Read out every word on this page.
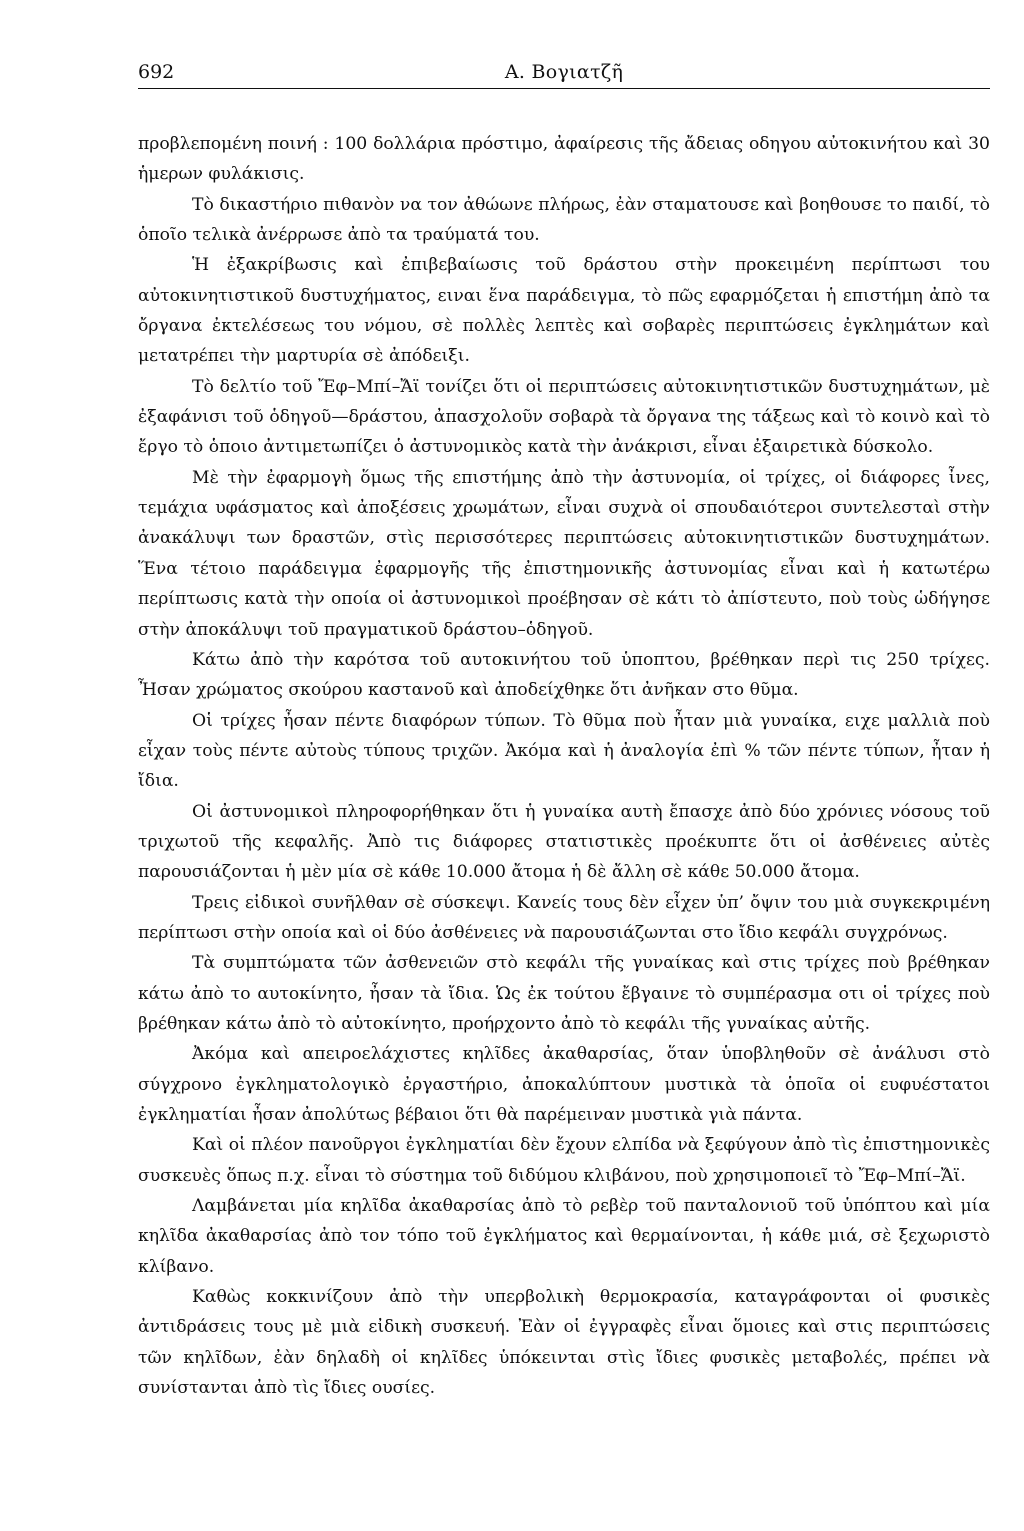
692	Α. Βογιατζῆ

προβλεπομένη ποινή : 100 δολλάρια πρόστιμο, ἀφαίρεσις τῆς ἄδειας οδηγου αὐτοκινήτου καὶ 30 ἡμερων φυλάκισις.

Τὸ δικαστήριο πιθανὸν να τον ἀθώωνε πλήρως, ἐὰν σταματουσε καὶ βοηθουσε το παιδί, τὸ ὁποῖο τελικὰ ἀνέρρωσε ἀπὸ τα τραύματά του.

Ἡ ἐξακρίβωσις καὶ ἐπιβεβαίωσις τοῦ δράστου στὴν προκειμένη περίπτωσι του αὐτοκινητιστικοῦ δυστυχήματος, ειναι ἕνα παράδειγμα, τὸ πῶς εφαρμόζεται ἡ επιστήμη ἀπὸ τα ὄργανα ἐκτελέσεως του νόμου, σὲ πολλὲς λεπτὲς καὶ σοβαρὲς περιπτώσεις ἐγκλημάτων καὶ μετατρέπει τὴν μαρτυρία σὲ ἀπόδειξι.

Τὸ δελτίο τοῦ Ἔφ–Μπί–Ἄϊ τονίζει ὅτι οἱ περιπτώσεις αὐτοκινητιστικῶν δυστυχημάτων, μὲ ἐξαφάνισι τοῦ ὁδηγοῦ—δράστου, ἀπασχολοῦν σοβαρὰ τὰ ὄργανα της τάξεως καὶ τὸ κοινὸ καὶ τὸ ἔργο τὸ ὁποιο ἀντιμετωπίζει ὁ ἀστυνομικὸς κατὰ τὴν ἀνάκρισι, εἶναι ἐξαιρετικὰ δύσκολο.

Μὲ τὴν ἐφαρμογὴ ὅμως τῆς επιστήμης ἀπὸ τὴν ἀστυνομία, οἱ τρίχες, οἱ διάφορες ἶνες, τεμάχια υφάσματος καὶ ἀποξέσεις χρωμάτων, εἶναι συχνὰ οἱ σπουδαιότεροι συντελεσταὶ στὴν ἀνακάλυψι των δραστῶν, στὶς περισσότερες περιπτώσεις αὐτοκινητιστικῶν δυστυχημάτων. Ἕνα τέτοιο παράδειγμα ἐφαρμογῆς τῆς ἐπιστημονικῆς ἀστυνομίας εἶναι καὶ ἡ κατωτέρω περίπτωσις κατὰ τὴν οποία οἱ ἀστυνομικοὶ προέβησαν σὲ κάτι τὸ ἀπίστευτο, ποὺ τοὺς ὡδήγησε στὴν ἀποκάλυψι τοῦ πραγματικοῦ δράστου–ὁδηγοῦ.

Κάτω ἀπὸ τὴν καρότσα τοῦ αυτοκινήτου τοῦ ὑποπτου, βρέθηκαν περὶ τις 250 τρίχες. Ἦσαν χρώματος σκούρου καστανοῦ καὶ ἀποδείχθηκε ὅτι ἀνῆκαν στο θῦμα.

Οἱ τρίχες ἦσαν πέντε διαφόρων τύπων. Τὸ θῦμα ποὺ ἦταν μιὰ γυναίκα, ειχε μαλλιὰ ποὺ εἶχαν τοὺς πέντε αὐτοὺς τύπους τριχῶν. Ἀκόμα καὶ ἡ ἀναλογία ἐπὶ % τῶν πέντε τύπων, ἦταν ἡ ἴδια.

Οἱ ἀστυνομικοὶ πληροφορήθηκαν ὅτι ἡ γυναίκα αυτὴ ἔπασχε ἀπὸ δύο χρόνιες νόσους τοῦ τριχωτοῦ τῆς κεφαλῆς. Ἀπὸ τις διάφορες στατιστικὲς προέκυπτε ὅτι οἱ ἀσθένειες αὐτὲς παρουσιάζονται ἡ μὲν μία σὲ κάθε 10.000 ἄτομα ἡ δὲ ἄλλη σὲ κάθε 50.000 ἄτομα.

Τρεις εἰδικοὶ συνῆλθαν σὲ σύσκεψι. Κανείς τους δὲν εἶχεν ὑπ’ ὄψιν του μιὰ συγκεκριμένη περίπτωσι στὴν οποία καὶ οἱ δύο ἀσθένειες νὰ παρουσιάζωνται στο ἴδιο κεφάλι συγχρόνως.

Τὰ συμπτώματα τῶν ἀσθενειῶν στὸ κεφάλι τῆς γυναίκας καὶ στις τρίχες ποὺ βρέθηκαν κάτω ἀπὸ το αυτοκίνητο, ἦσαν τὰ ἴδια. Ὡς ἐκ τούτου ἔβγαινε τὸ συμπέρασμα οτι οἱ τρίχες ποὺ βρέθηκαν κάτω ἀπὸ τὸ αὐτοκίνητο, προήρχοντο ἀπὸ τὸ κεφάλι τῆς γυναίκας αὐτῆς.

Ἀκόμα καὶ απειροελάχιστες κηλῖδες ἀκαθαρσίας, ὅταν ὑποβληθοῦν σὲ ἀνάλυσι στὸ σύγχρονο ἐγκληματολογικὸ ἐργαστήριο, ἀποκαλύπτουν μυστικὰ τὰ ὁποῖα οἱ ευφυέστατοι ἐγκληματίαι ἦσαν ἀπολύτως βέβαιοι ὅτι θὰ παρέμειναν μυστικὰ γιὰ πάντα.

Καὶ οἱ πλέον πανοῦργοι ἐγκληματίαι δὲν ἔχουν ελπίδα νὰ ξεφύγουν ἀπὸ τὶς ἐπιστημονικὲς συσκευὲς ὅπως π.χ. εἶναι τὸ σύστημα τοῦ διδύμου κλιβάνου, ποὺ χρησιμοποιεῖ τὸ Ἔφ–Μπί–Ἄϊ.

Λαμβάνεται μία κηλῖδα ἀκαθαρσίας ἀπὸ τὸ ρεβὲρ τοῦ πανταλονιοῦ τοῦ ὑπόπτου καὶ μία κηλῖδα ἀκαθαρσίας ἀπὸ τον τόπο τοῦ ἐγκλήματος καὶ θερμαίνονται, ἡ κάθε μιά, σὲ ξεχωριστὸ κλίβανο.

Καθὼς κοκκινίζουν ἀπὸ τὴν υπερβολικὴ θερμοκρασία, καταγράφονται οἱ φυσικὲς ἀντιδράσεις τους μὲ μιὰ εἰδικὴ συσκευή. Ἐὰν οἱ ἐγγραφὲς εἶναι ὅμοιες καὶ στις περιπτώσεις τῶν κηλῖδων, ἐὰν δηλαδὴ οἱ κηλῖδες ὑπόκεινται στὶς ἴδιες φυσικὲς μεταβολές, πρέπει νὰ συνίστανται ἀπὸ τὶς ἴδιες ουσίες.
